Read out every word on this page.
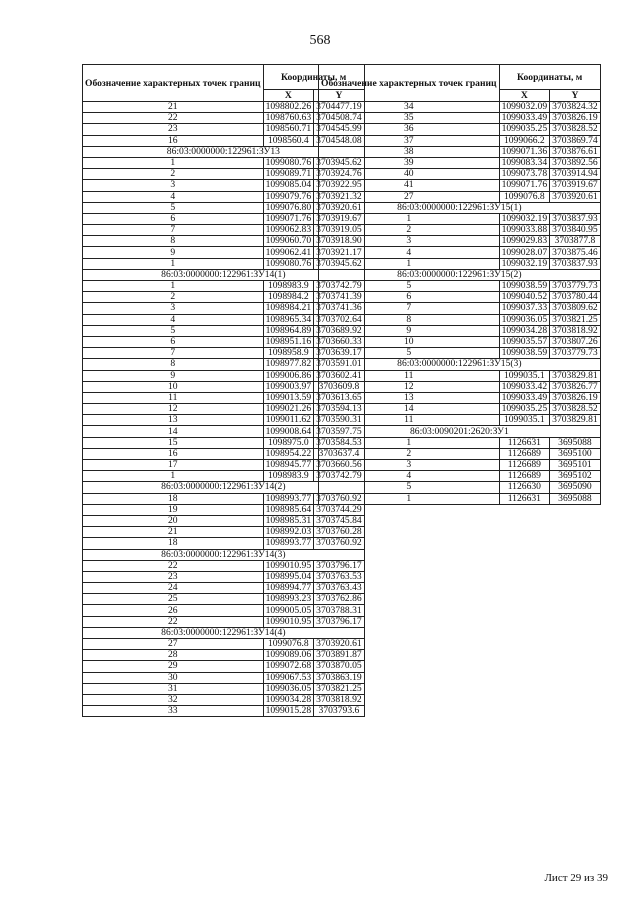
568
Обозначение характерных точек границ	Координаты, м	
	X	Y
21	1098802.26	3704477.19
22	1098760.63	3704508.74
23	1098560.71	3704545.99
16	1098560.4	3704548.08
86:03:0000000:122961:ЗУ13		
1	1099080.76	3703945.62
2	1099089.71	3703924.76
3	1099085.04	3703922.95
4	1099079.76	3703921.32
5	1099076.80	3703920.61
6	1099071.76	3703919.67
7	1099062.83	3703919.05
8	1099060.70	3703918.90
9	1099062.41	3703921.17
1	1099080.76	3703945.62
86:03:0000000:122961:ЗУ14(1)		
1	1098983.9	3703742.79
2	1098984.2	3703741.39
3	1098984.21	3703741.36
4	1098965.34	3703702.64
5	1098964.89	3703689.92
6	1098951.16	3703660.33
7	1098958.9	3703639.17
8	1098977.82	3703591.01
9	1099006.86	3703602.41
10	1099003.97	3703609.8
11	1099013.59	3703613.65
12	1099021.26	3703594.13
13	1099011.62	3703590.31
14	1099008.64	3703597.75
15	1098975.0	3703584.53
16	1098954.22	3703637.4
17	1098945.77	3703660.56
1	1098983.9	3703742.79
86:03:0000000:122961:ЗУ14(2)		
18	1098993.77	3703760.92
19	1098985.64	3703744.29
20	1098985.31	3703745.84
21	1098992.03	3703760.28
18	1098993.77	3703760.92
86:03:0000000:122961:ЗУ14(3)		
22	1099010.95	3703796.17
23	1098995.04	3703763.53
24	1098994.77	3703763.43
25	1098993.23	3703762.86
26	1099005.05	3703788.31
22	1099010.95	3703796.17
86:03:0000000:122961:ЗУ14(4)		
27	1099076.8	3703920.61
28	1099089.06	3703891.87
29	1099072.68	3703870.05
30	1099067.53	3703863.19
31	1099036.05	3703821.25
32	1099034.28	3703818.92
33	1099015.28	3703793.6
Обозначение характерных точек границ	Координаты, м	
	X	Y
34	1099032.09	3703824.32
35	1099033.49	3703826.19
36	1099035.25	3703828.52
37	1099066.2	3703869.74
38	1099071.36	3703876.61
39	1099083.34	3703892.56
40	1099073.78	3703914.94
41	1099071.76	3703919.67
27	1099076.8	3703920.61
86:03:0000000:122961:ЗУ15(1)		
1	1099032.19	3703837.93
2	1099033.88	3703840.95
3	1099029.83	3703877.8
4	1099028.07	3703875.46
1	1099032.19	3703837.93
86:03:0000000:122961:ЗУ15(2)		
5	1099038.59	3703779.73
6	1099040.52	3703780.44
7	1099037.33	3703809.62
8	1099036.05	3703821.25
9	1099034.28	3703818.92
10	1099035.57	3703807.26
5	1099038.59	3703779.73
86:03:0000000:122961:ЗУ15(3)		
11	1099035.1	3703829.81
12	1099033.42	3703826.77
13	1099033.49	3703826.19
14	1099035.25	3703828.52
11	1099035.1	3703829.81
86:03:0090201:2620:ЗУ1		
1	1126631	3695088
2	1126689	3695100
3	1126689	3695101
4	1126689	3695102
5	1126630	3695090
1	1126631	3695088
Лист 29 из 39
